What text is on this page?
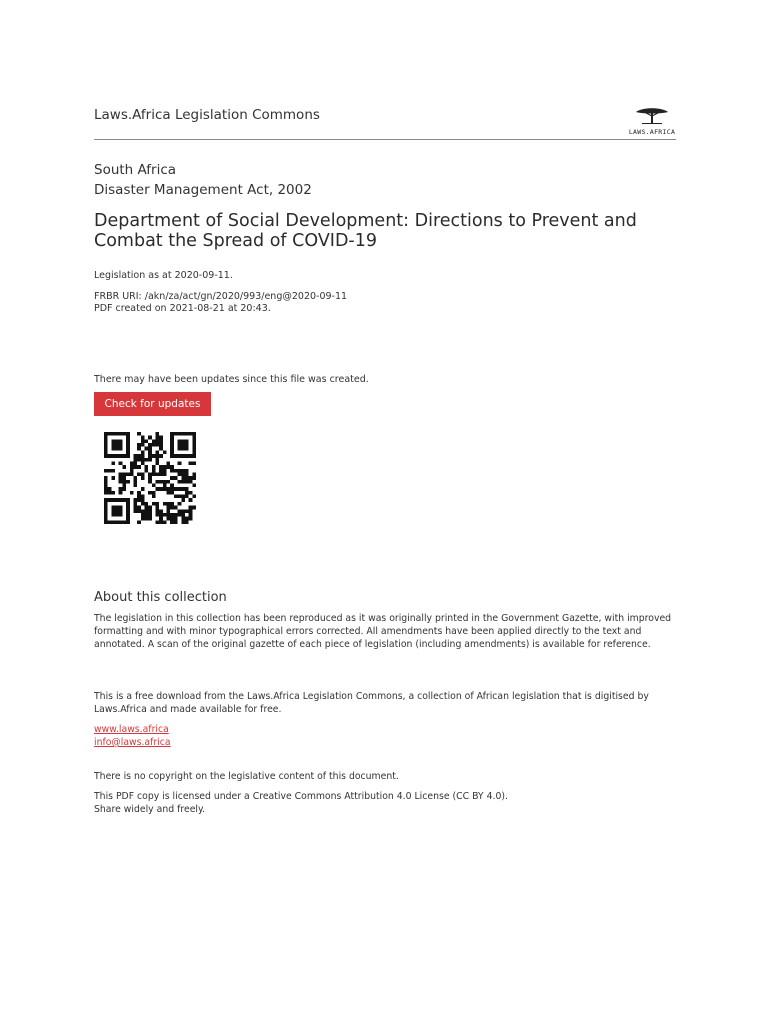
Laws.Africa Legislation Commons
LAWS.AFRICA
South Africa
Disaster Management Act, 2002
Department of Social Development: Directions to Prevent and Combat the Spread of COVID-19
Legislation as at 2020-09-11.
FRBR URI: /akn/za/act/gn/2020/993/eng@2020-09-11
PDF created on 2021-08-21 at 20:43.
There may have been updates since this file was created.
Check for updates
About this collection
The legislation in this collection has been reproduced as it was originally printed in the Government Gazette, with improved formatting and with minor typographical errors corrected. All amendments have been applied directly to the text and annotated. A scan of the original gazette of each piece of legislation (including amendments) is available for reference.
This is a free download from the Laws.Africa Legislation Commons, a collection of African legislation that is digitised by Laws.Africa and made available for free.
www.laws.africa
info@laws.africa
There is no copyright on the legislative content of this document.
This PDF copy is licensed under a Creative Commons Attribution 4.0 License (CC BY 4.0).
Share widely and freely.
